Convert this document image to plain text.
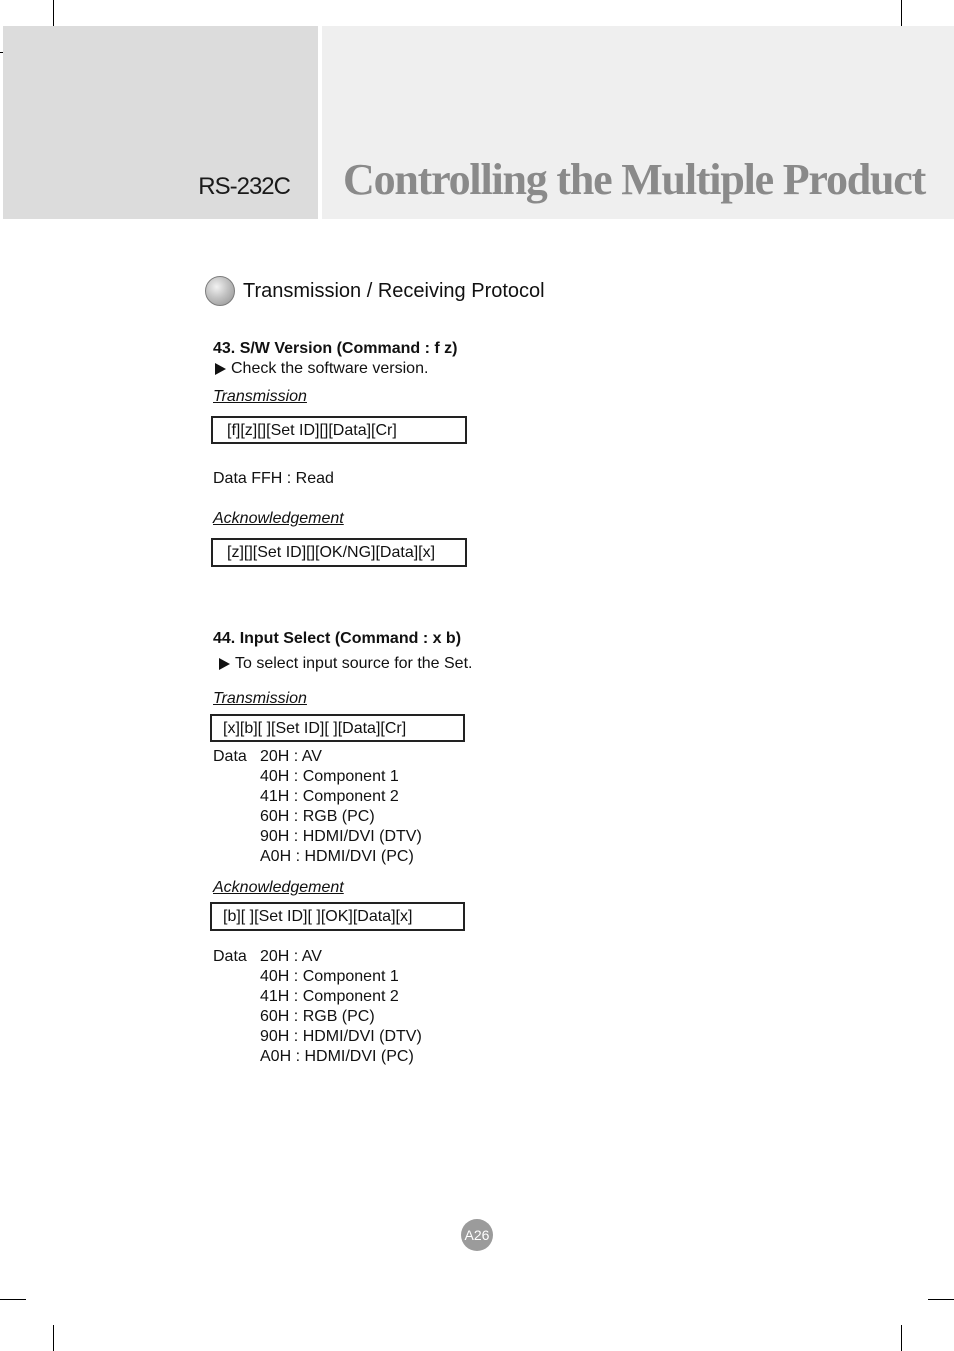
RS-232C Controlling the Multiple Product
Transmission / Receiving Protocol
43. S/W Version (Command : f z)
Check the software version.
Transmission
[f][z][][Set ID][][Data][Cr]
Data FFH : Read
Acknowledgement
[z][][Set ID][][OK/NG][Data][x]
44. Input Select (Command : x b)
To select input source for the Set.
Transmission
[x][b][ ][Set ID][ ][Data][Cr]
Data 20H : AV
40H : Component 1
41H : Component 2
60H : RGB (PC)
90H : HDMI/DVI (DTV)
A0H : HDMI/DVI (PC)
Acknowledgement
[b][ ][Set ID][ ][OK][Data][x]
Data 20H : AV
40H : Component 1
41H : Component 2
60H : RGB (PC)
90H : HDMI/DVI (DTV)
A0H : HDMI/DVI (PC)
A26
